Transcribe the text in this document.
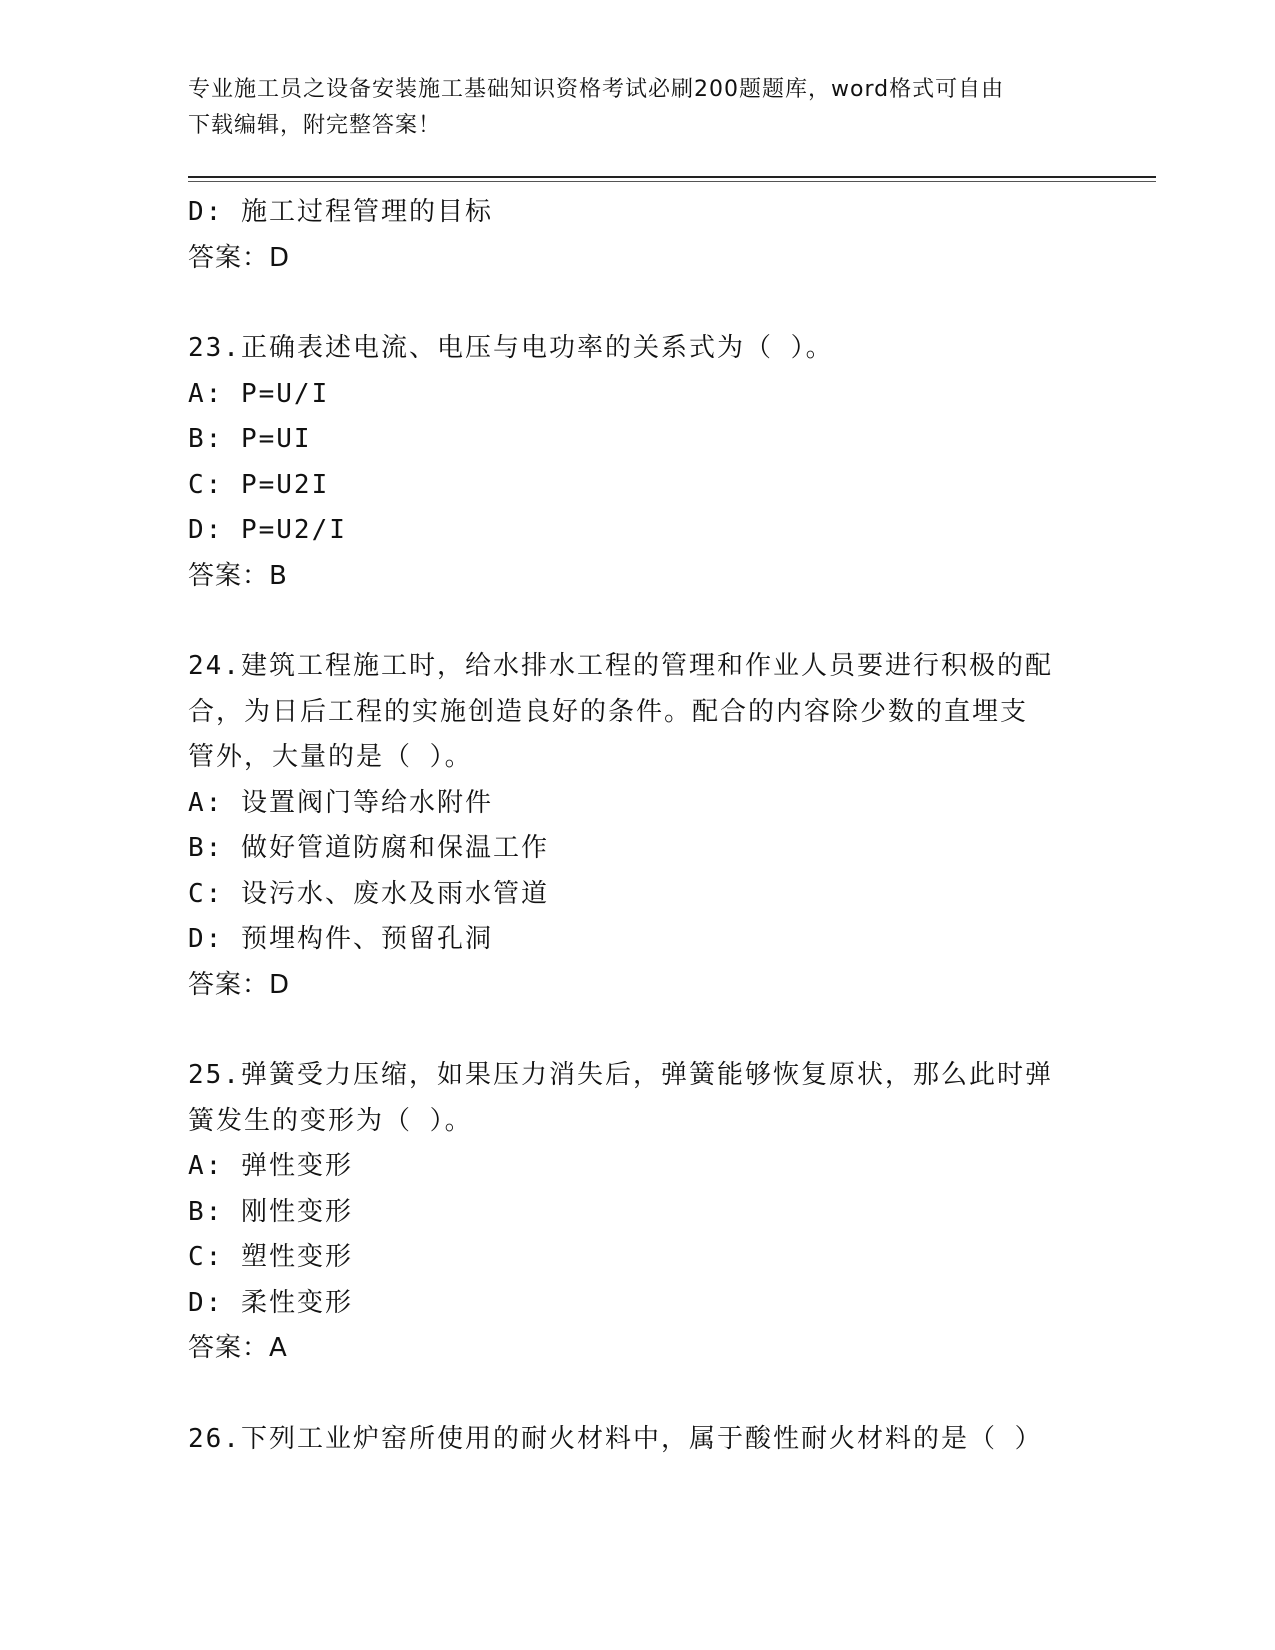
专业施工员之设备安装施工基础知识资格考试必刷200题题库，word格式可自由
下载编辑，附完整答案！
D: 施工过程管理的目标
答案：D
23.正确表述电流、电压与电功率的关系式为（ ）。
A: P=U/I
B: P=UI
C: P=U2I
D: P=U2/I
答案：B
24.建筑工程施工时，给水排水工程的管理和作业人员要进行积极的配
合，为日后工程的实施创造良好的条件。配合的内容除少数的直埋支
管外，大量的是（ ）。
A: 设置阀门等给水附件
B: 做好管道防腐和保温工作
C: 设污水、废水及雨水管道
D: 预埋构件、预留孔洞
答案：D
25.弹簧受力压缩，如果压力消失后，弹簧能够恢复原状，那么此时弹
簧发生的变形为（ ）。
A: 弹性变形
B: 刚性变形
C: 塑性变形
D: 柔性变形
答案：A
26.下列工业炉窑所使用的耐火材料中，属于酸性耐火材料的是（ ）
